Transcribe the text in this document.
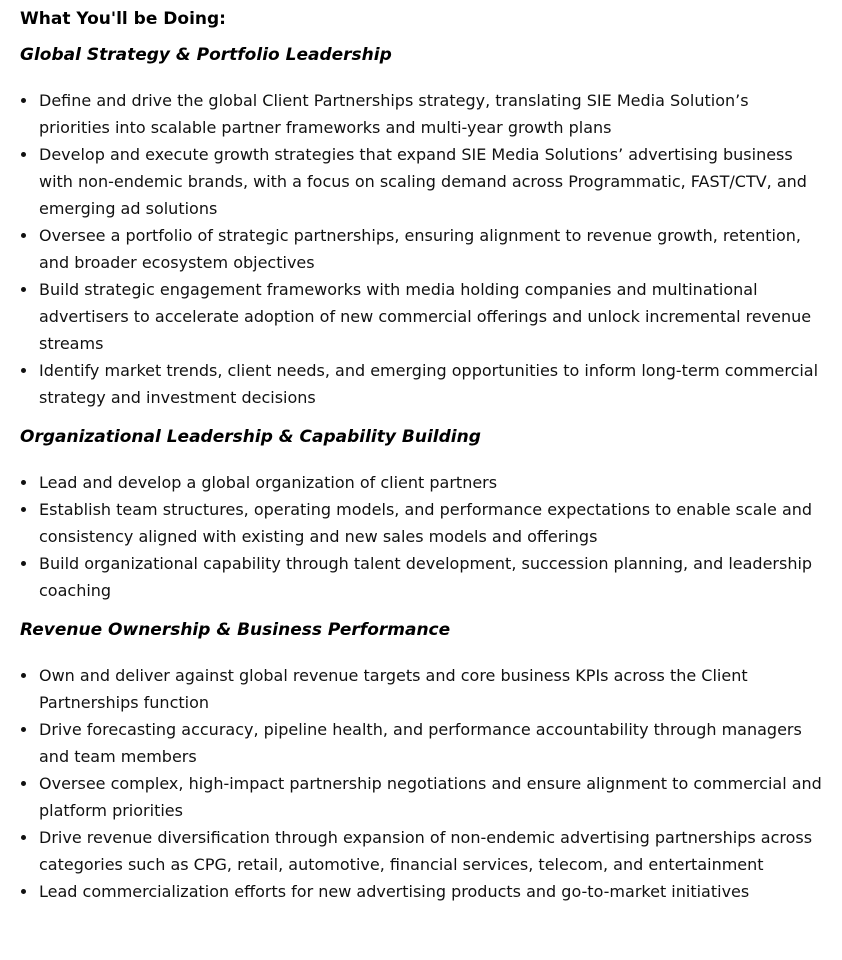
What You'll be Doing:
Global Strategy & Portfolio Leadership
Define and drive the global Client Partnerships strategy, translating SIE Media Solution’s priorities into scalable partner frameworks and multi-year growth plans
Develop and execute growth strategies that expand SIE Media Solutions’ advertising business with non-endemic brands, with a focus on scaling demand across Programmatic, FAST/CTV, and emerging ad solutions
Oversee a portfolio of strategic partnerships, ensuring alignment to revenue growth, retention, and broader ecosystem objectives
Build strategic engagement frameworks with media holding companies and multinational advertisers to accelerate adoption of new commercial offerings and unlock incremental revenue streams
Identify market trends, client needs, and emerging opportunities to inform long-term commercial strategy and investment decisions
Organizational Leadership & Capability Building
Lead and develop a global organization of client partners
Establish team structures, operating models, and performance expectations to enable scale and consistency aligned with existing and new sales models and offerings
Build organizational capability through talent development, succession planning, and leadership coaching
Revenue Ownership & Business Performance
Own and deliver against global revenue targets and core business KPIs across the Client Partnerships function
Drive forecasting accuracy, pipeline health, and performance accountability through managers and team members
Oversee complex, high-impact partnership negotiations and ensure alignment to commercial and platform priorities
Drive revenue diversification through expansion of non-endemic advertising partnerships across categories such as CPG, retail, automotive, financial services, telecom, and entertainment
Lead commercialization efforts for new advertising products and go-to-market initiatives
